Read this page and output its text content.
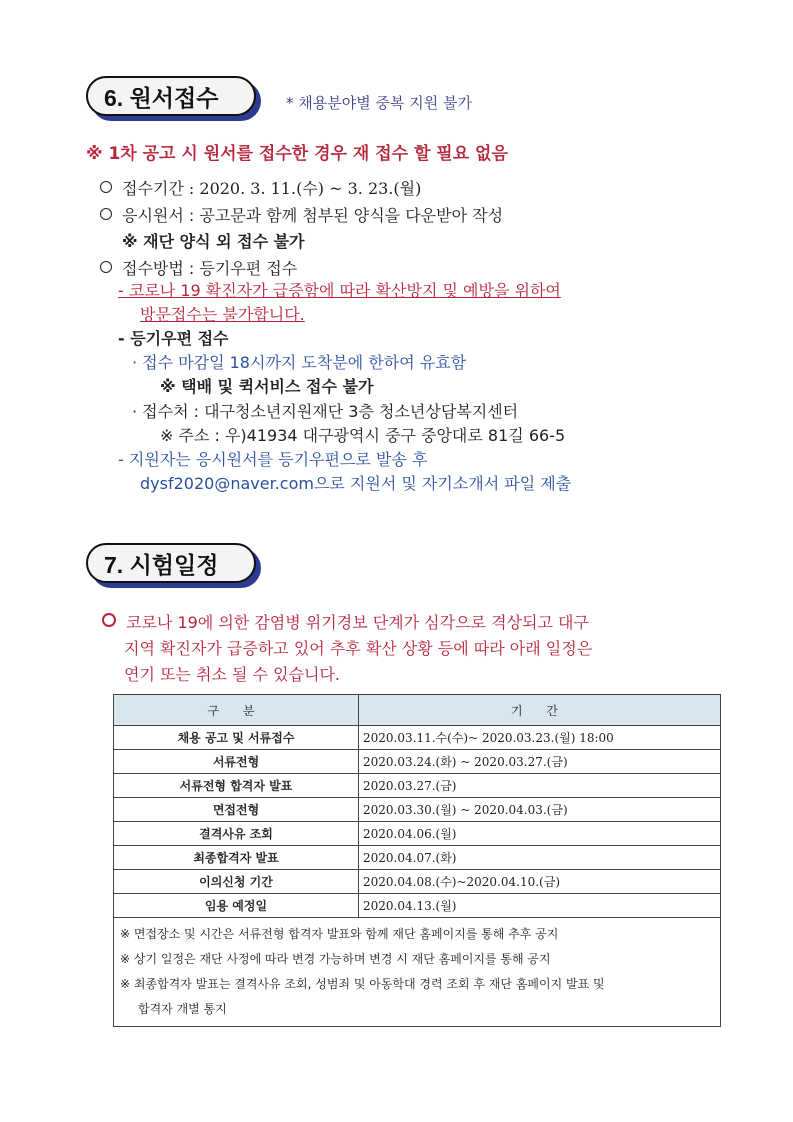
6. 원서접수	* 채용분야별 중복 지원 불가
※ 1차 공고 시 원서를 접수한 경우 재 접수 할 필요 없음
접수기간 : 2020. 3. 11.(수) ~ 3. 23.(월)
응시원서 : 공고문과 함께 첨부된 양식을 다운받아 작성
※ 재단 양식 외 접수 불가
접수방법 : 등기우편 접수
- 코로나 19 확진자가 급증함에 따라 확산방지 및 예방을 위하여
방문접수는 불가합니다.
- 등기우편 접수
· 접수 마감일 18시까지 도착분에 한하여 유효함
※ 택배 및 퀵서비스 접수 불가
· 접수처 : 대구청소년지원재단 3층 청소년상담복지센터
※ 주소 : 우)41934 대구광역시 중구 중앙대로 81길 66-5
- 지원자는 응시원서를 등기우편으로 발송 후
dysf2020@naver.com으로 지원서 및 자기소개서 파일 제출
7. 시험일정
코로나 19에 의한 감염병 위기경보 단계가 심각으로 격상되고 대구
지역 확진자가 급증하고 있어 추후 확산 상황 등에 따라 아래 일정은
연기 또는 취소 될 수 있습니다.
구 분	기 간
채용 공고 및 서류접수	2020.03.11.수(수)~ 2020.03.23.(월) 18:00
서류전형	2020.03.24.(화) ~ 2020.03.27.(금)
서류전형 합격자 발표	2020.03.27.(금)
면접전형	2020.03.30.(월) ~ 2020.04.03.(금)
결격사유 조회	2020.04.06.(월)
최종합격자 발표	2020.04.07.(화)
이의신청 기간	2020.04.08.(수)~2020.04.10.(금)
임용 예정일	2020.04.13.(월)

※ 면접장소 및 시간은 서류전형 합격자 발표와 함께 재단 홈페이지를 통해 추후 공지
※ 상기 일정은 재단 사정에 따라 변경 가능하며 변경 시 재단 홈페이지를 통해 공지
※ 최종합격자 발표는 결격사유 조회, 성범죄 및 아동학대 경력 조회 후 재단 홈페이지 발표 및
합격자 개별 통지	
